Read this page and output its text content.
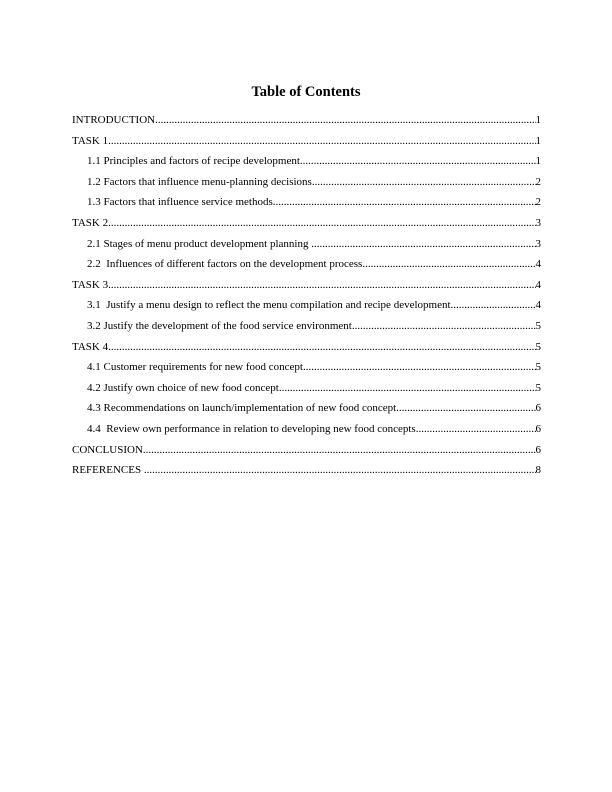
Table of Contents
INTRODUCTION .....	1
TASK 1 .....	1
1.1 Principles and factors of recipe development .....	1
1.2 Factors that influence menu-planning decisions .....	2
1.3 Factors that influence service methods .....	2
TASK 2 .....	3
2.1 Stages of menu product development planning .....	3
2.2  Influences of different factors on the development process .....	4
TASK 3 .....	4
3.1  Justify a menu design to reflect the menu compilation and recipe development .....	4
3.2 Justify the development of the food service environment .....	5
TASK 4 .....	5
4.1 Customer requirements for new food concept .....	5
4.2 Justify own choice of new food concept .....	5
4.3 Recommendations on launch/implementation of new food concept .....	6
4.4  Review own performance in relation to developing new food concepts .....	6
CONCLUSION .....	6
REFERENCES .....	8
